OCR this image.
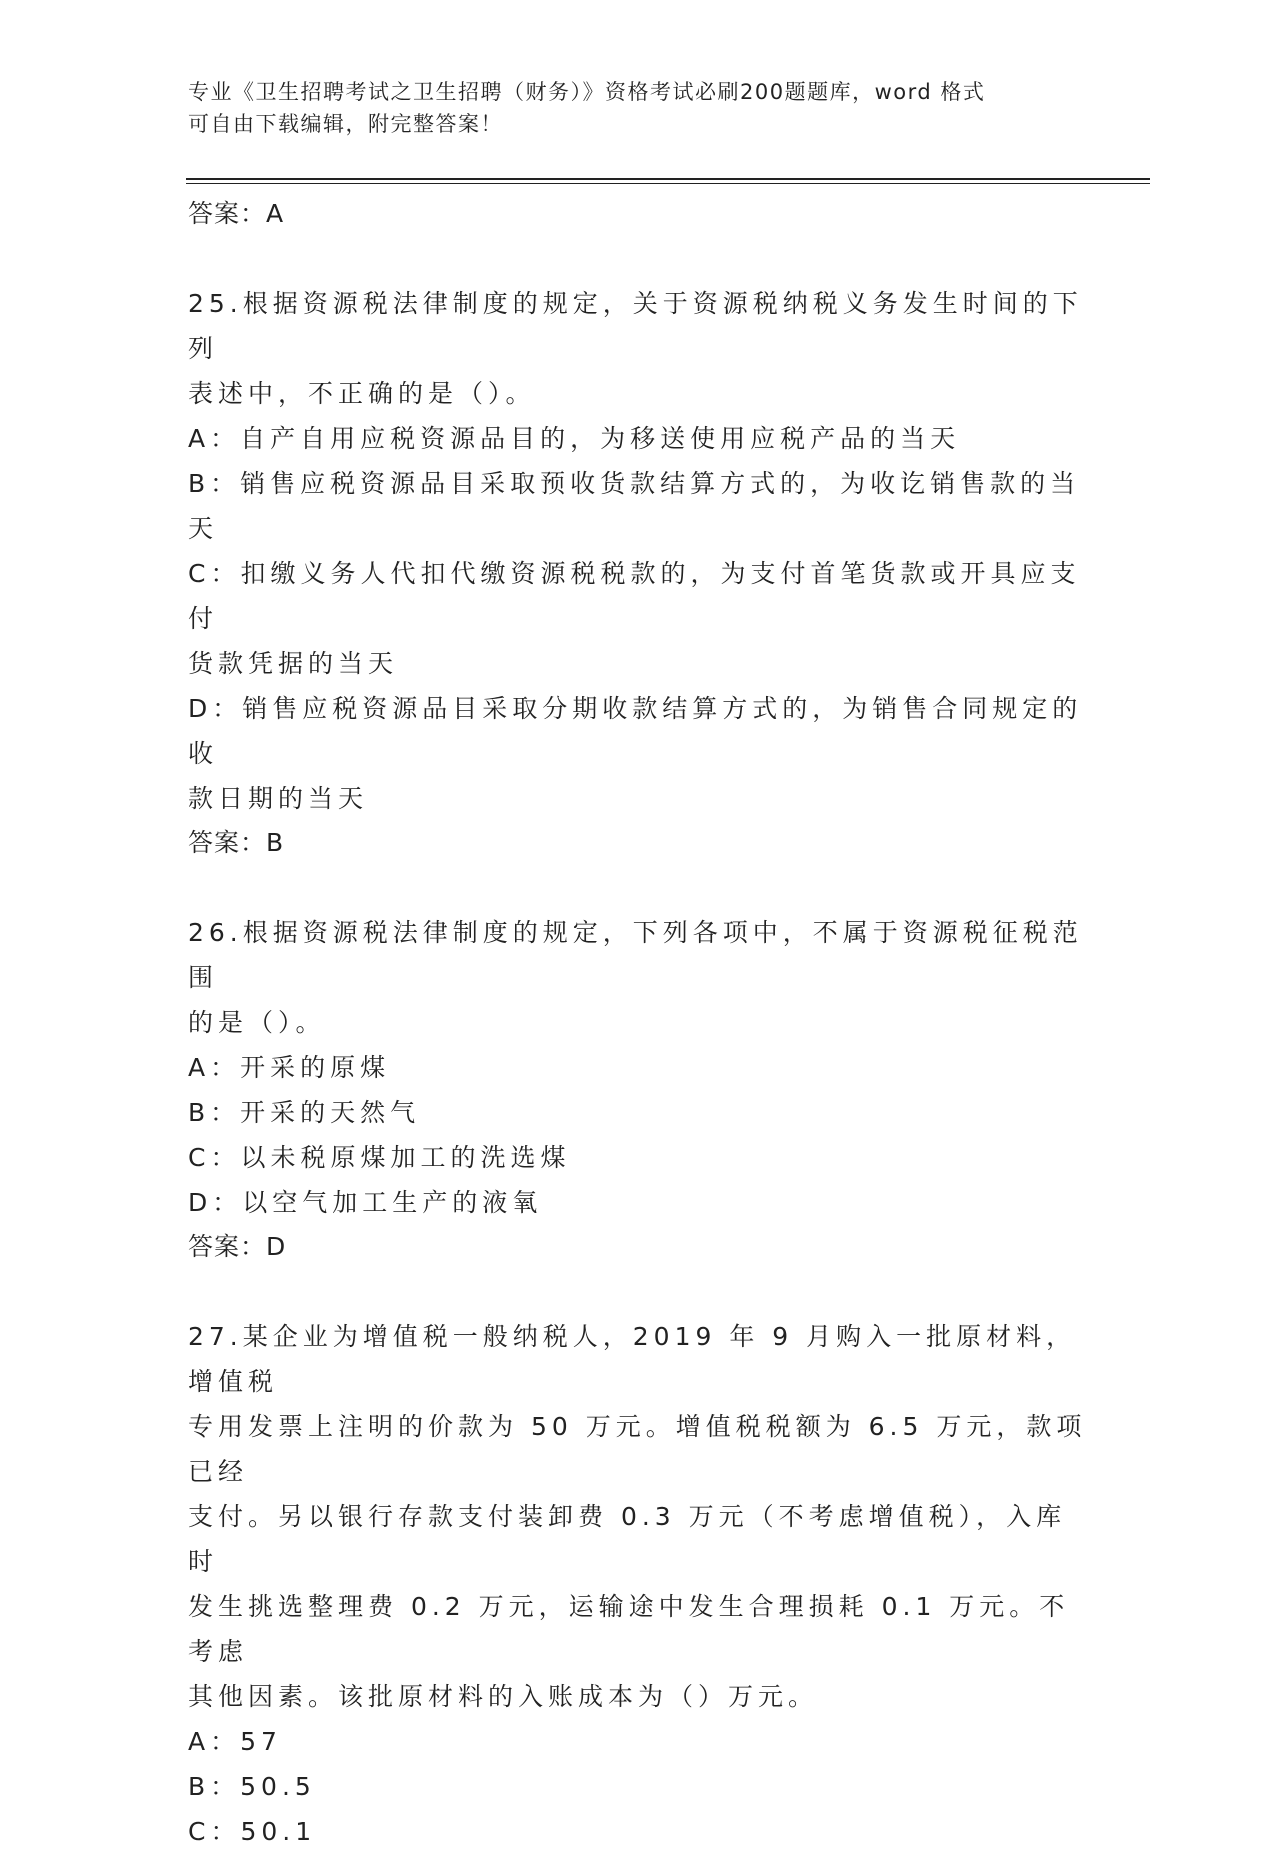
专业《卫生招聘考试之卫生招聘（财务）》资格考试必刷200题题库，word 格式
可自由下载编辑，附完整答案！

答案：A

25.根据资源税法律制度的规定，关于资源税纳税义务发生时间的下列

表述中，不正确的是（）。

A：自产自用应税资源品目的，为移送使用应税产品的当天

B：销售应税资源品目采取预收货款结算方式的，为收讫销售款的当天

C：扣缴义务人代扣代缴资源税税款的，为支付首笔货款或开具应支付

货款凭据的当天

D：销售应税资源品目采取分期收款结算方式的，为销售合同规定的收

款日期的当天

答案：B

26.根据资源税法律制度的规定，下列各项中，不属于资源税征税范围

的是（）。

A：开采的原煤

B：开采的天然气

C：以未税原煤加工的洗选煤

D：以空气加工生产的液氧

答案：D

27.某企业为增值税一般纳税人，2019 年 9 月购入一批原材料，增值税

专用发票上注明的价款为 50 万元。增值税税额为 6.5 万元，款项已经

支付。另以银行存款支付装卸费 0.3 万元（不考虑增值税），入库时

发生挑选整理费 0.2 万元，运输途中发生合理损耗 0.1 万元。不考虑

其他因素。该批原材料的入账成本为（）万元。

A：57

B：50.5

C：50.1
